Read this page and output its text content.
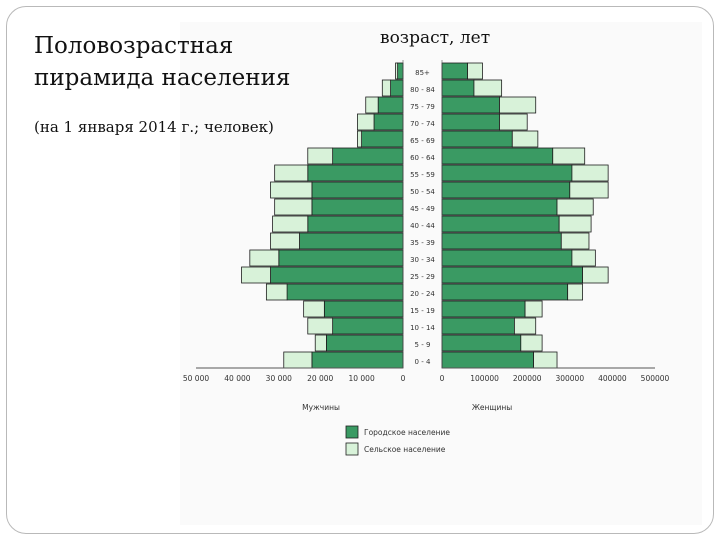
Половозрастная
пирамида населения
(на 1 января 2014 г.; человек)
возраст, лет
0 - 4
5 - 9
10 - 14
15 - 19
20 - 24
25 - 29
30 - 34
35 - 39
40 - 44
45 - 49
50 - 54
55 - 59
60 - 64
65 - 69
70 - 74
75 - 79
80 - 84
85+
50 000 40 000 30 000 20 000 10 000	0	0	100000 200000 300000 400000 500000
Мужчины	Женщины
Городское население
Сельское население
